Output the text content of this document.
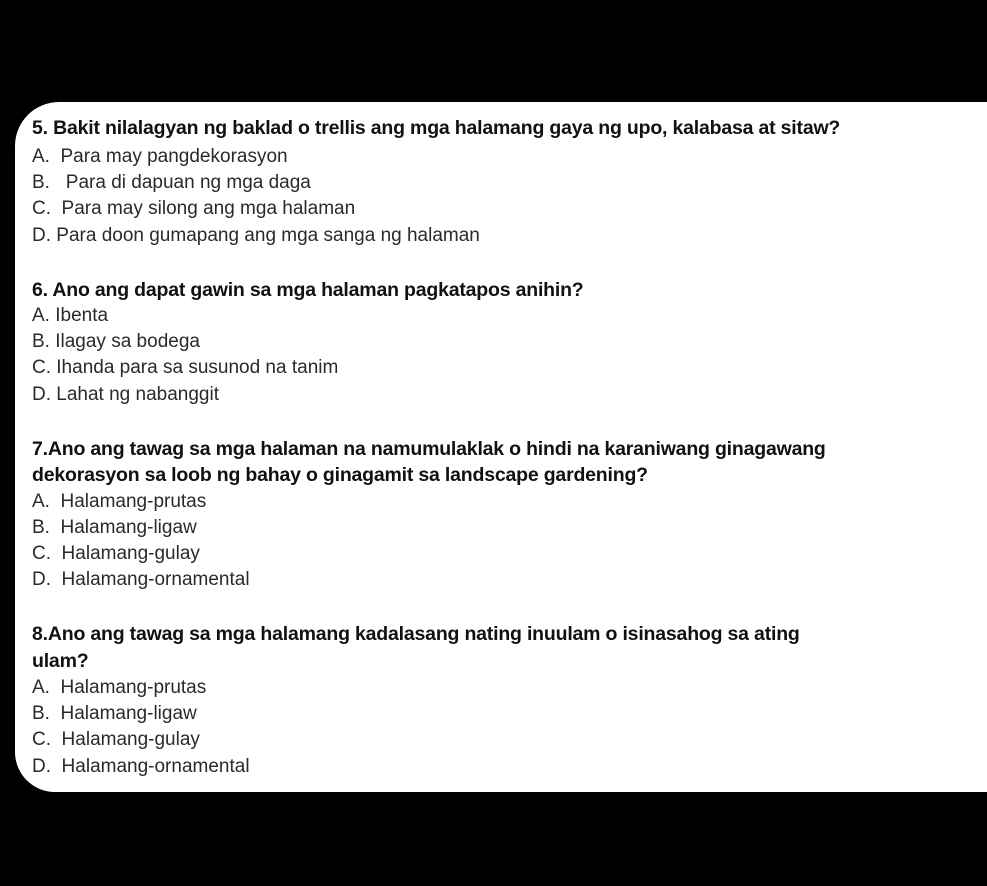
5. Bakit nilalagyan ng baklad o trellis ang mga halamang gaya ng upo, kalabasa at sitaw?
A.  Para may pangdekorasyon
B.   Para di dapuan ng mga daga
C.  Para may silong ang mga halaman
D. Para doon gumapang ang mga sanga ng halaman
6. Ano ang dapat gawin sa mga halaman pagkatapos anihin?
A. Ibenta
B. Ilagay sa bodega
C. Ihanda para sa susunod na tanim
D. Lahat ng nabanggit
7.Ano ang tawag sa mga halaman na namumulaklak o hindi na karaniwang ginagawang
dekorasyon sa loob ng bahay o ginagamit sa landscape gardening?
A.  Halamang-prutas
B.  Halamang-ligaw
C.  Halamang-gulay
D.  Halamang-ornamental
8.Ano ang tawag sa mga halamang kadalasang nating inuulam o isinasahog sa ating
ulam?
A.  Halamang-prutas
B.  Halamang-ligaw
C.  Halamang-gulay
D.  Halamang-ornamental
